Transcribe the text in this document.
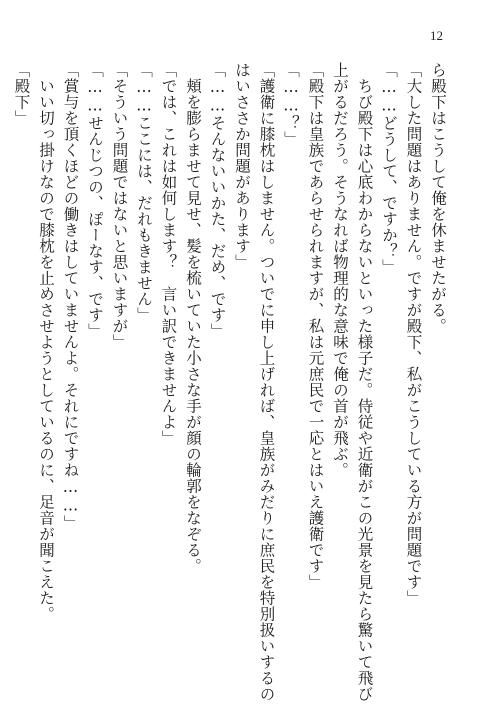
12
ら殿下はこうして俺を休ませたがる。
「大した問題はありません。ですが殿下、私がこうしている方が問題です」
「……どうして、ですか？」
　ちび殿下は心底わからないといった様子だ。侍従や近衛がこの光景を見たら驚いて飛び
上がるだろう。そうなれば物理的な意味で俺の首が飛ぶ。
「殿下は皇族であらせられますが、私は元庶民で一応とはいえ護衛です」
「……？」
「護衛に膝枕はしません。ついでに申し上げれば、皇族がみだりに庶民を特別扱いするの
はいささか問題があります」
「……そんないいかた、だめ、です」
　頬を膨らませて見せ、髪を梳いていた小さな手が顔の輪郭をなぞる。
「では、これは如何します？　言い訳できませんよ」
「……ここには、だれもきません」
「そういう問題ではないと思いますが」
「……せんじつの、ぽーなす、です」
「賞与を頂くほどの働きはしていませんよ。それにですね……」
　いい切っ掛けなので膝枕を止めさせようとしているのに、足音が聞こえた。
「殿下」
